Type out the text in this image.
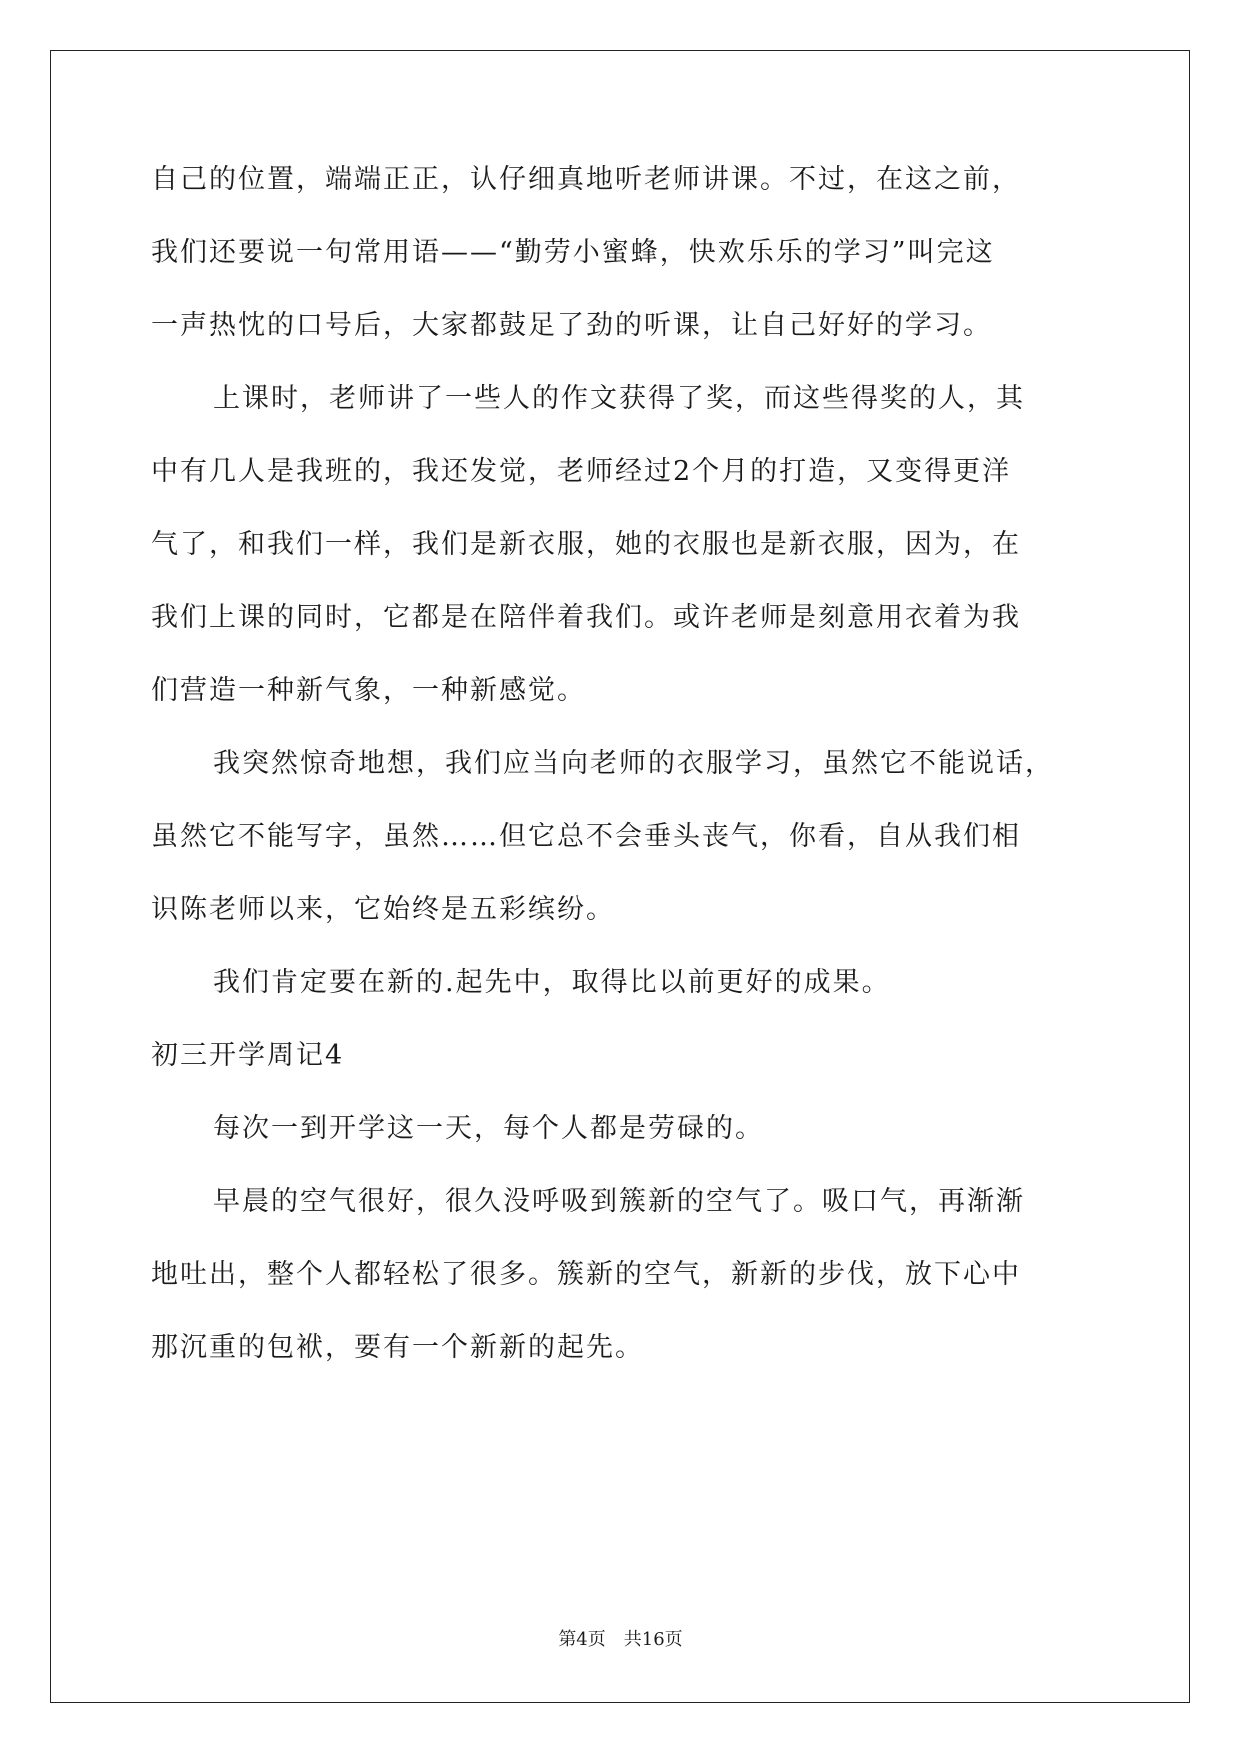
自己的位置，端端正正，认仔细真地听老师讲课。不过，在这之前，
我们还要说一句常用语——“勤劳小蜜蜂，快欢乐乐的学习”叫完这
一声热忱的口号后，大家都鼓足了劲的听课，让自己好好的学习。
上课时，老师讲了一些人的作文获得了奖，而这些得奖的人，其
中有几人是我班的，我还发觉，老师经过2个月的打造，又变得更洋
气了，和我们一样，我们是新衣服，她的衣服也是新衣服，因为，在
我们上课的同时，它都是在陪伴着我们。或许老师是刻意用衣着为我
们营造一种新气象，一种新感觉。
我突然惊奇地想，我们应当向老师的衣服学习，虽然它不能说话，
虽然它不能写字，虽然……但它总不会垂头丧气，你看，自从我们相
识陈老师以来，它始终是五彩缤纷。
我们肯定要在新的.起先中，取得比以前更好的成果。
初三开学周记4
每次一到开学这一天，每个人都是劳碌的。
早晨的空气很好，很久没呼吸到簇新的空气了。吸口气，再渐渐
地吐出，整个人都轻松了很多。簇新的空气，新新的步伐，放下心中
那沉重的包袱，要有一个新新的起先。
第4页　共16页
